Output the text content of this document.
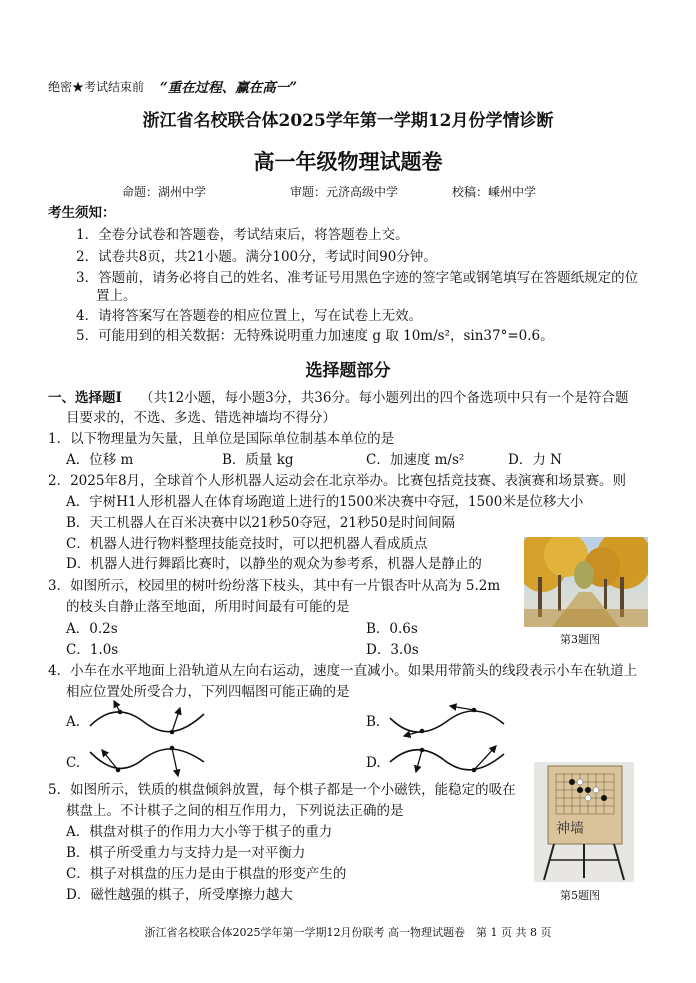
绝密★考试结束前 “重在过程、赢在高一”
浙江省名校联合体2025学年第一学期12月份学情诊断
高一年级物理试题卷
命题：湖州中学	审题：元济高级中学	校稿：嵊州中学
考生须知：
1．全卷分试卷和答题卷，考试结束后，将答题卷上交。
2．试卷共8页，共21小题。满分100分，考试时间90分钟。
3．答题前，请务必将自己的姓名、准考证号用黑色字迹的签字笔或钢笔填写在答题纸规定的位
置上。
4．请将答案写在答题卷的相应位置上，写在试卷上无效。
5．可能用到的相关数据：无特殊说明重力加速度 g 取 10m/s²，sin37°=0.6。
选择题部分
一、选择题Ⅰ （共12小题，每小题3分，共36分。每小题列出的四个备选项中只有一个是符合题
目要求的，不选、多选、错选神墙均不得分）
1．以下物理量为矢量，且单位是国际单位制基本单位的是
A．位移 m	B．质量 kg	C．加速度 m/s²	D．力 N
2．2025年8月，全球首个人形机器人运动会在北京举办。比赛包括竞技赛、表演赛和场景赛。则
A．宇树H1人形机器人在体育场跑道上进行的1500米决赛中夺冠，1500米是位移大小
B．天工机器人在百米决赛中以21秒50夺冠，21秒50是时间间隔
C．机器人进行物料整理技能竞技时，可以把机器人看成质点
D．机器人进行舞蹈比赛时，以静坐的观众为参考系，机器人是静止的
第3题图
3．如图所示，校园里的树叶纷纷落下枝头，其中有一片银杏叶从高为 5.2m
的枝头自静止落至地面，所用时间最有可能的是
A．0.2s	B．0.6s
C．1.0s	D．3.0s
4．小车在水平地面上沿轨道从左向右运动，速度一直减小。如果用带箭头的线段表示小车在轨道上
相应位置处所受合力，下列四幅图可能正确的是
A.	B.
C.	D.
神墙
第5题图
5．如图所示，铁质的棋盘倾斜放置，每个棋子都是一个小磁铁，能稳定的吸在
棋盘上。不计棋子之间的相互作用力，下列说法正确的是
A．棋盘对棋子的作用力大小等于棋子的重力
B．棋子所受重力与支持力是一对平衡力
C．棋子对棋盘的压力是由于棋盘的形变产生的
D．磁性越强的棋子，所受摩擦力越大
浙江省名校联合体2025学年第一学期12月份联考 高一物理试题卷　第 1 页 共 8 页
